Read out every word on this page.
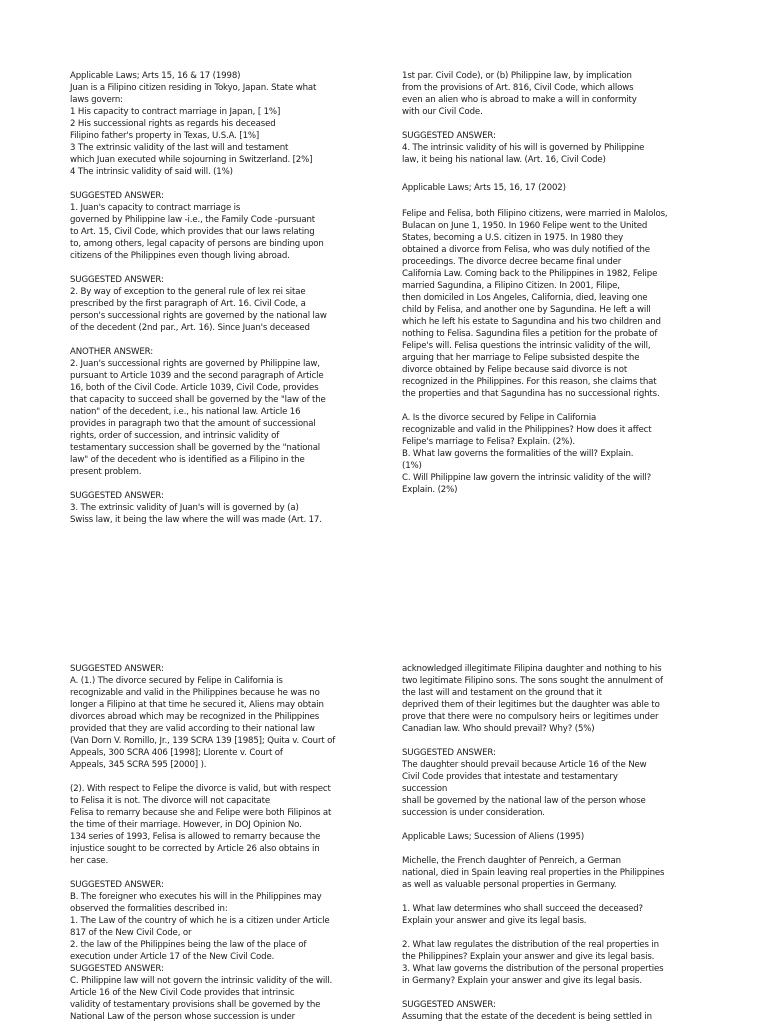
Applicable Laws; Arts 15, 16 & 17 (1998)
Juan is a Filipino citizen residing in Tokyo, Japan. State what
laws govern:
1 His capacity to contract marriage in Japan, [ 1%]
2 His successional rights as regards his deceased
Filipino father's property in Texas, U.S.A. [1%]
3 The extrinsic validity of the last will and testament
which Juan executed while sojourning in Switzerland. [2%]
4 The intrinsic validity of said will. (1%)
SUGGESTED ANSWER:
1. Juan's capacity to contract marriage is
governed by Philippine law -i.e., the Family Code -pursuant
to Art. 15, Civil Code, which provides that our laws relating
to, among others, legal capacity of persons are binding upon
citizens of the Philippines even though living abroad.
SUGGESTED ANSWER:
2. By way of exception to the general rule of lex rei sitae
prescribed by the first paragraph of Art. 16. Civil Code, a
person's successional rights are governed by the national law
of the decedent (2nd par., Art. 16). Since Juan's deceased
ANOTHER ANSWER:
2. Juan's successional rights are governed by Philippine law,
pursuant to Article 1039 and the second paragraph of Article
16, both of the Civil Code. Article 1039, Civil Code, provides
that capacity to succeed shall be governed by the "law of the
nation" of the decedent, i.e., his national law. Article 16
provides in paragraph two that the amount of successional
rights, order of succession, and intrinsic validity of
testamentary succession shall be governed by the "national
law" of the decedent who is identified as a Filipino in the
present problem.
SUGGESTED ANSWER:
3. The extrinsic validity of Juan's will is governed by (a)
Swiss law, it being the law where the will was made (Art. 17.
1st par. Civil Code), or (b) Philippine law, by implication
from the provisions of Art. 816, Civil Code, which allows
even an alien who is abroad to make a will in conformity
with our Civil Code.
SUGGESTED ANSWER:
4. The intrinsic validity of his will is governed by Philippine
law, it being his national law. (Art. 16, Civil Code)
Applicable Laws; Arts 15, 16, 17 (2002)
Felipe and Felisa, both Filipino citizens, were married in Malolos,
Bulacan on June 1, 1950. In 1960 Felipe went to the United
States, becoming a U.S. citizen in 1975. In 1980 they
obtained a divorce from Felisa, who was duly notified of the
proceedings. The divorce decree became final under
California Law. Coming back to the Philippines in 1982, Felipe
married Sagundina, a Filipino Citizen. In 2001, Filipe,
then domiciled in Los Angeles, California, died, leaving one
child by Felisa, and another one by Sagundina. He left a will
which he left his estate to Sagundina and his two children and
nothing to Felisa. Sagundina files a petition for the probate of
Felipe's will. Felisa questions the intrinsic validity of the will,
arguing that her marriage to Felipe subsisted despite the
divorce obtained by Felipe because said divorce is not
recognized in the Philippines. For this reason, she claims that
the properties and that Sagundina has no successional rights.
A. Is the divorce secured by Felipe in California
recognizable and valid in the Philippines? How does it affect
Felipe's marriage to Felisa? Explain. (2%).
B. What law governs the formalities of the will? Explain.
(1%)
C. Will Philippine law govern the intrinsic validity of the will?
Explain. (2%)
SUGGESTED ANSWER:
A. (1.) The divorce secured by Felipe in California is
recognizable and valid in the Philippines because he was no
longer a Filipino at that time he secured it, Aliens may obtain
divorces abroad which may be recognized in the Philippines
provided that they are valid according to their national law
(Van Dorn V. Romillo, Jr., 139 SCRA 139 [1985]; Quita v. Court of
Appeals, 300 SCRA 406 [1998]; Llorente v. Court of
Appeals, 345 SCRA 595 [2000] ).
(2). With respect to Felipe the divorce is valid, but with respect
to Felisa it is not. The divorce will not capacitate
Felisa to remarry because she and Felipe were both Filipinos at
the time of their marriage. However, in DOJ Opinion No.
134 series of 1993, Felisa is allowed to remarry because the
injustice sought to be corrected by Article 26 also obtains in
her case.
SUGGESTED ANSWER:
B. The foreigner who executes his will in the Philippines may
observed the formalities described in:
1. The Law of the country of which he is a citizen under Article
817 of the New Civil Code, or
2. the law of the Philippines being the law of the place of
execution under Article 17 of the New Civil Code.
SUGGESTED ANSWER:
C. Philippine law will not govern the intrinsic validity of the will.
Article 16 of the New Civil Code provides that intrinsic
validity of testamentary provisions shall be governed by the
National Law of the person whose succession is under
acknowledged illegitimate Filipina daughter and nothing to his
two legitimate Filipino sons. The sons sought the annulment of
the last will and testament on the ground that it
deprived them of their legitimes but the daughter was able to
prove that there were no compulsory heirs or legitimes under
Canadian law. Who should prevail? Why? (5%)
SUGGESTED ANSWER:
The daughter should prevail because Article 16 of the New
Civil Code provides that intestate and testamentary
succession
shall be governed by the national law of the person whose
succession is under consideration.
Applicable Laws; Sucession of Aliens (1995)
Michelle, the French daughter of Penreich, a German
national, died in Spain leaving real properties in the Philippines
as well as valuable personal properties in Germany.
1. What law determines who shall succeed the deceased?
Explain your answer and give its legal basis.
2. What law regulates the distribution of the real properties in
the Philippines? Explain your answer and give its legal basis.
3. What law governs the distribution of the personal properties
in Germany? Explain your answer and give its legal basis.
SUGGESTED ANSWER:
Assuming that the estate of the decedent is being settled in
